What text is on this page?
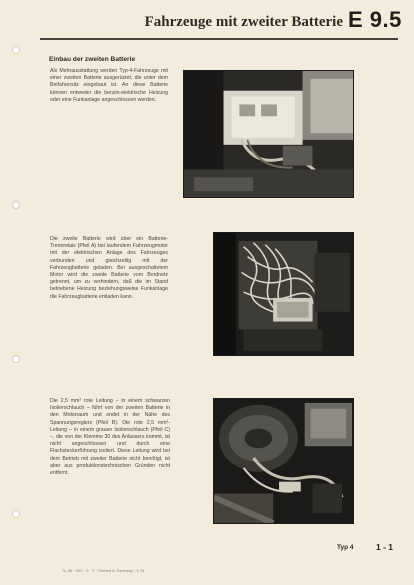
Fahrzeuge mit zweiter Batterie E 9.5
Einbau der zweiten Batterie

Als Mehrausstattung werden Typ-4-Fahrzeuge mit einer zweiten Batterie ausgerüstet, die unter dem Beifahrersitz eingebaut ist. An diese Batterie können entweder die benzin-elektrische Heizung oder eine Funkanlage angeschlossen werden.

Die zweite Batterie wird über ein Batterie-Trennrelais (Pfeil A) bei laufendem Fahrzeugmotor mit der elektrischen Anlage des Fahrzeuges verbunden und gleichzeitig mit der Fahrzeugbatterie geladen. Bei ausgeschaltetem Motor wird die zweite Batterie vom Bordnetz getrennt, um zu verhindern, daß die im Stand betriebene Heizung beziehungsweise Funkanlage die Fahrzeugbatterie entladen kann.

Die 2,5 mm² rote Leitung – in einem schwarzen Isolierschlauch – führt von der zweiten Batterie in den Motorraum und endet in der Nähe des Spannungsreglers (Pfeil B). Die rote 2,5 mm²-Leitung – in einem grauen Isolierschlauch (Pfeil C) –, die von der Klemme 30 des Anlassers kommt, ist nicht angeschlossen und durch eine Flachsteckerführung isoliert. Diese Leitung wird bei dem Betrieb mit zweiter Batterie nicht benötigt, ist aber aus produktionstechnischen Gründen nicht entfernt.

Typ 4	1 - 1
7L-96 · 000 · 0 · 0 · Printed in Germany · 1.73
